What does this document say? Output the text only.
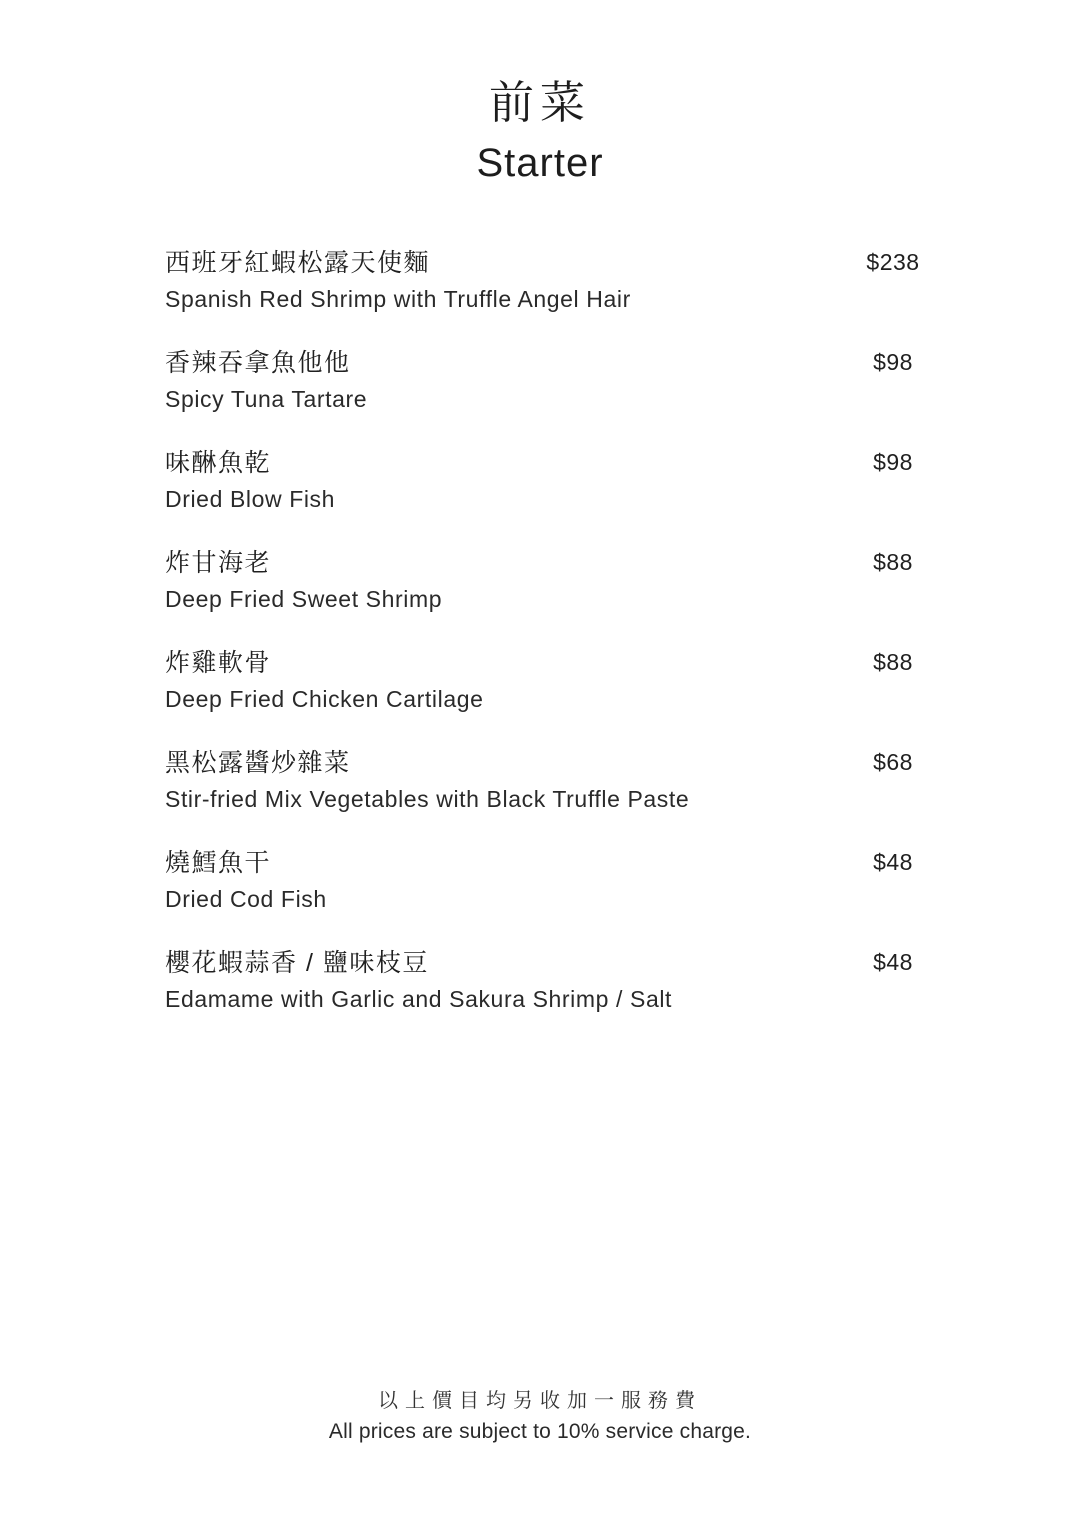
前菜
Starter
西班牙紅蝦松露天使麵
Spanish Red Shrimp with Truffle Angel Hair
$238
香辣吞拿魚他他
Spicy Tuna Tartare
$98
味醂魚乾
Dried Blow Fish
$98
炸甘海老
Deep Fried Sweet Shrimp
$88
炸雞軟骨
Deep Fried Chicken Cartilage
$88
黑松露醬炒雜菜
Stir-fried Mix Vegetables with Black Truffle Paste
$68
燒鱈魚干
Dried Cod Fish
$48
櫻花蝦蒜香 / 鹽味枝豆
Edamame with Garlic and Sakura Shrimp / Salt
$48
以上價目均另收加一服務費
All prices are subject to 10% service charge.
